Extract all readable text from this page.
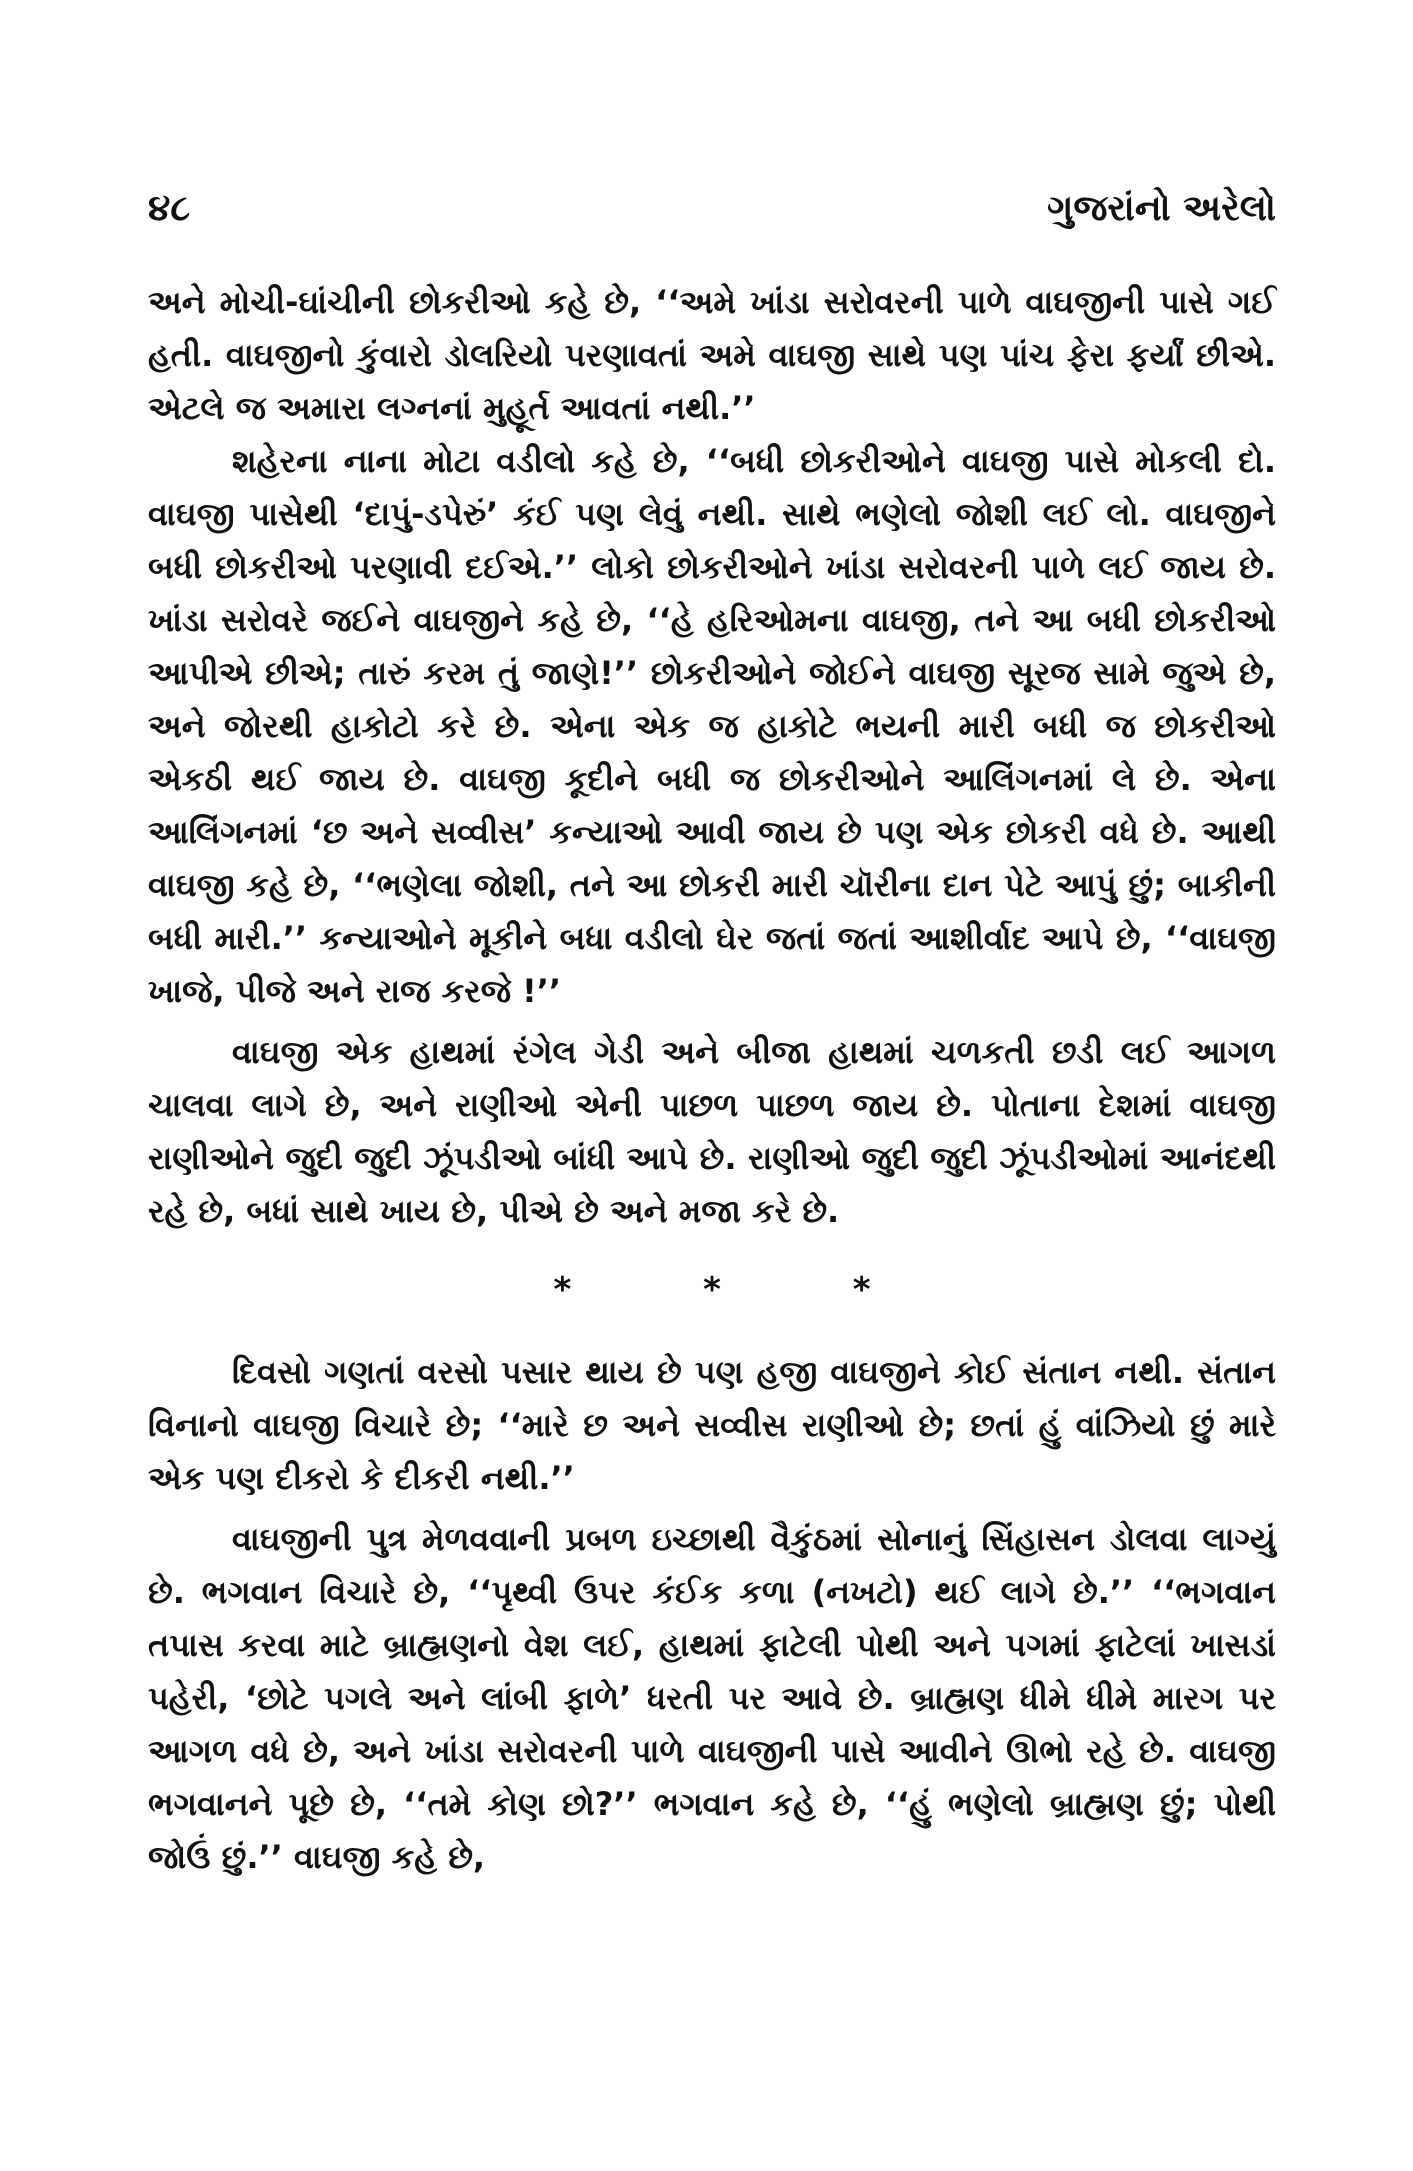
૪૮	ગુજરાંનો અરેલો

અને મોચી-ઘાંચીની છોકરીઓ કહે છે, ‘‘અમે ખાંડા સરોવરની પાળે વાઘજીની પાસે ગઈ હતી. વાઘજીનો કુંવારો ડોલરિયો પરણાવતાં અમે વાઘજી સાથે પણ પાંચ ફેરા ફર્યાં છીએ. એટલે જ અમારા લગ્નનાં મુહૂર્ત આવતાં નથી.’’

શહેરના નાના મોટા વડીલો કહે છે, ‘‘બધી છોકરીઓને વાઘજી પાસે મોકલી દો. વાઘજી પાસેથી ‘દાપું-ડપેરું’ કંઈ પણ લેવું નથી. સાથે ભણેલો જોશી લઈ લો. વાઘજીને બધી છોકરીઓ પરણાવી દઈએ.’’ લોકો છોકરીઓને ખાંડા સરોવરની પાળે લઈ જાય છે. ખાંડા સરોવરે જઈને વાઘજીને કહે છે, ‘‘હે હરિઓમના વાઘજી, તને આ બધી છોકરીઓ આપીએ છીએ; તારું કરમ તું જાણે!’’ છોકરીઓને જોઈને વાઘજી સૂરજ સામે જુએ છે, અને જોરથી હાકોટો કરે છે. એના એક જ હાકોટે ભયની મારી બધી જ છોકરીઓ એકઠી થઈ જાય છે. વાઘજી કૂદીને બધી જ છોકરીઓને આલિંગનમાં લે છે. એના આલિંગનમાં ‘છ અને સવ્વીસ’ કન્યાઓ આવી જાય છે પણ એક છોકરી વધે છે. આથી વાઘજી કહે છે, ‘‘ભણેલા જોશી, તને આ છોકરી મારી ચૉરીના દાન પેટે આપું છું; બાકીની બધી મારી.’’ કન્યાઓને મૂકીને બધા વડીલો ઘેર જતાં જતાં આશીર્વાદ આપે છે, ‘‘વાઘજી ખાજે, પીજે અને રાજ કરજે !’’

વાઘજી એક હાથમાં રંગેલ ગેડી અને બીજા હાથમાં ચળકતી છડી લઈ આગળ ચાલવા લાગે છે, અને રાણીઓ એની પાછળ પાછળ જાય છે. પોતાના દેશમાં વાઘજી રાણીઓને જુદી જુદી ઝૂંપડીઓ બાંધી આપે છે. રાણીઓ જુદી જુદી ઝૂંપડીઓમાં આનંદથી રહે છે, બધાં સાથે ખાય છે, પીએ છે અને મજા કરે છે.

* * *

દિવસો ગણતાં વરસો પસાર થાય છે પણ હજી વાઘજીને કોઈ સંતાન નથી. સંતાન વિનાનો વાઘજી વિચારે છે; ‘‘મારે છ અને સવ્વીસ રાણીઓ છે; છતાં હું વાંઝિયો છું મારે એક પણ દીકરો કે દીકરી નથી.’’

વાઘજીની પુત્ર મેળવવાની પ્રબળ ઇચ્છાથી વૈકુંઠમાં સોનાનું સિંહાસન ડોલવા લાગ્યું છે. ભગવાન વિચારે છે, ‘‘પૃથ્વી ઉપર કંઈક કળા (નખટો) થઈ લાગે છે.’’ ‘‘ભગવાન તપાસ કરવા માટે બ્રાહ્મણનો વેશ લઈ, હાથમાં ફાટેલી પોથી અને પગમાં ફાટેલાં ખાસડાં પહેરી, ‘છોટે પગલે અને લાંબી ફાળે’ ધરતી પર આવે છે. બ્રાહ્મણ ધીમે ધીમે મારગ પર આગળ વધે છે, અને ખાંડા સરોવરની પાળે વાઘજીની પાસે આવીને ઊભો રહે છે. વાઘજી ભગવાનને પૂછે છે, ‘‘તમે કોણ છો?’’ ભગવાન કહે છે, ‘‘હું ભણેલો બ્રાહ્મણ છું; પોથી જોઉં છું.’’ વાઘજી કહે છે,
